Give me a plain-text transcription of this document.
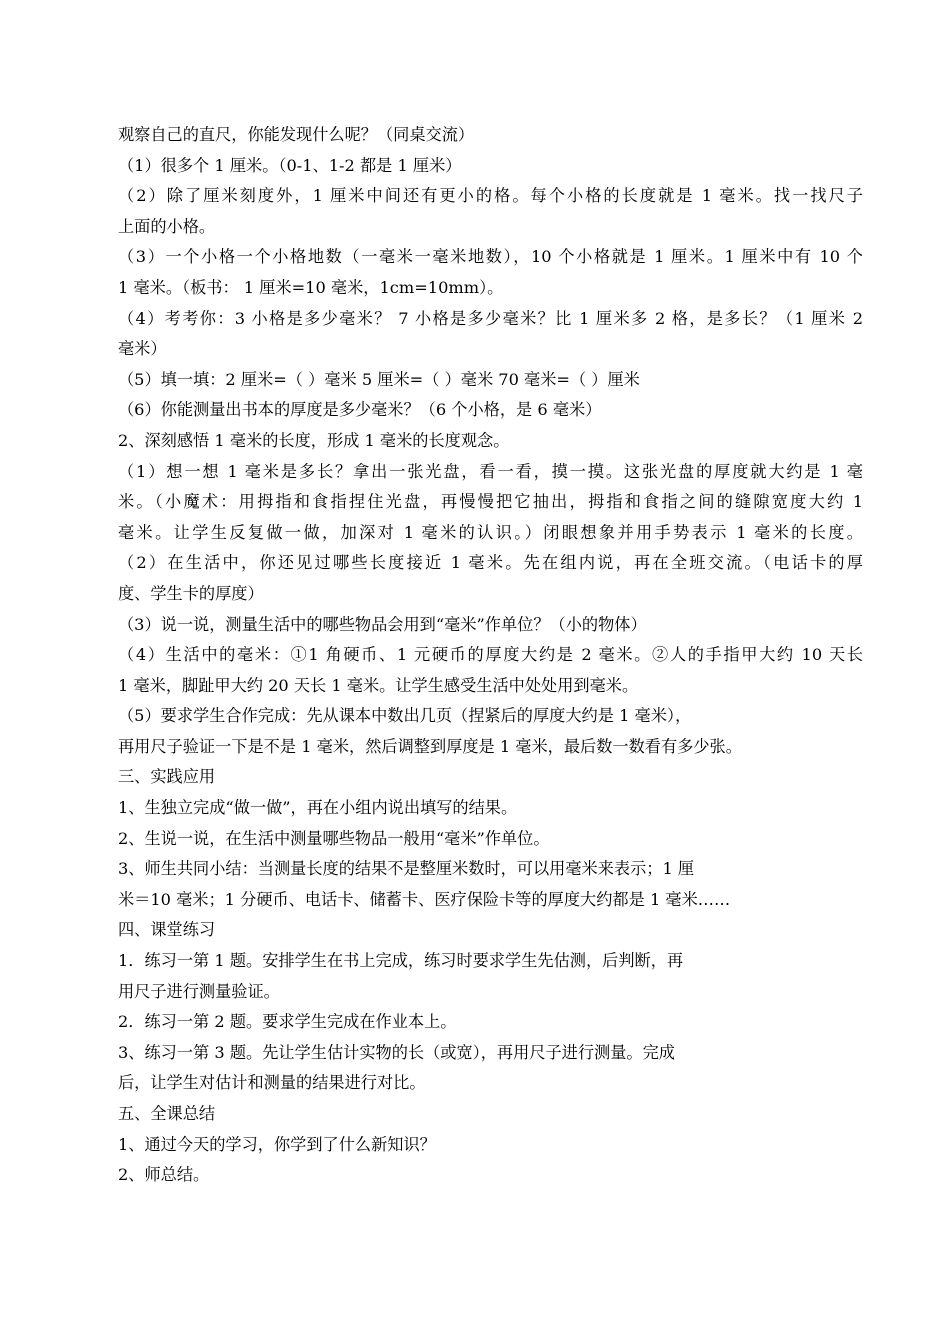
观察自己的直尺，你能发现什么呢？（同桌交流）
（1）很多个 1 厘米。（0-1、1-2 都是 1 厘米）
（2）除了厘米刻度外，1 厘米中间还有更小的格。每个小格的长度就是 1 毫米。找一找尺子
上面的小格。
（3）一个小格一个小格地数（一毫米一毫米地数），10 个小格就是 1 厘米。1 厘米中有 10 个
1 毫米。（板书： 1 厘米=10 毫米，1cm=10mm）。
（4）考考你：3 小格是多少毫米？ 7 小格是多少毫米？比 1 厘米多 2 格，是多长？（1 厘米 2
毫米）
（5）填一填：2 厘米=（ ）毫米 5 厘米=（ ）毫米 70 毫米=（ ）厘米
（6）你能测量出书本的厚度是多少毫米？（6 个小格，是 6 毫米）
2、深刻感悟 1 毫米的长度，形成 1 毫米的长度观念。
（1）想一想 1 毫米是多长？拿出一张光盘，看一看，摸一摸。这张光盘的厚度就大约是 1 毫
米。（小魔术：用拇指和食指捏住光盘，再慢慢把它抽出，拇指和食指之间的缝隙宽度大约 1
毫米。让学生反复做一做，加深对 1 毫米的认识。）闭眼想象并用手势表示 1 毫米的长度。
（2）在生活中，你还见过哪些长度接近 1 毫米。先在组内说，再在全班交流。（电话卡的厚
度、学生卡的厚度）
（3）说一说，测量生活中的哪些物品会用到“毫米”作单位？（小的物体）
（4）生活中的毫米：①1 角硬币、1 元硬币的厚度大约是 2 毫米。②人的手指甲大约 10 天长
1 毫米，脚趾甲大约 20 天长 1 毫米。让学生感受生活中处处用到毫米。
（5）要求学生合作完成：先从课本中数出几页（捏紧后的厚度大约是 1 毫米），
再用尺子验证一下是不是 1 毫米，然后调整到厚度是 1 毫米，最后数一数看有多少张。
三、实践应用
1、生独立完成“做一做”，再在小组内说出填写的结果。
2、生说一说，在生活中测量哪些物品一般用“毫米”作单位。
3、师生共同小结：当测量长度的结果不是整厘米数时，可以用毫米来表示；1 厘
米＝10 毫米；1 分硬币、电话卡、储蓄卡、医疗保险卡等的厚度大约都是 1 毫米……
四、课堂练习
1．练习一第 1 题。安排学生在书上完成，练习时要求学生先估测，后判断，再
用尺子进行测量验证。
2．练习一第 2 题。要求学生完成在作业本上。
3、练习一第 3 题。先让学生估计实物的长（或宽），再用尺子进行测量。完成
后，让学生对估计和测量的结果进行对比。
五、全课总结
1、通过今天的学习，你学到了什么新知识？
2、师总结。
